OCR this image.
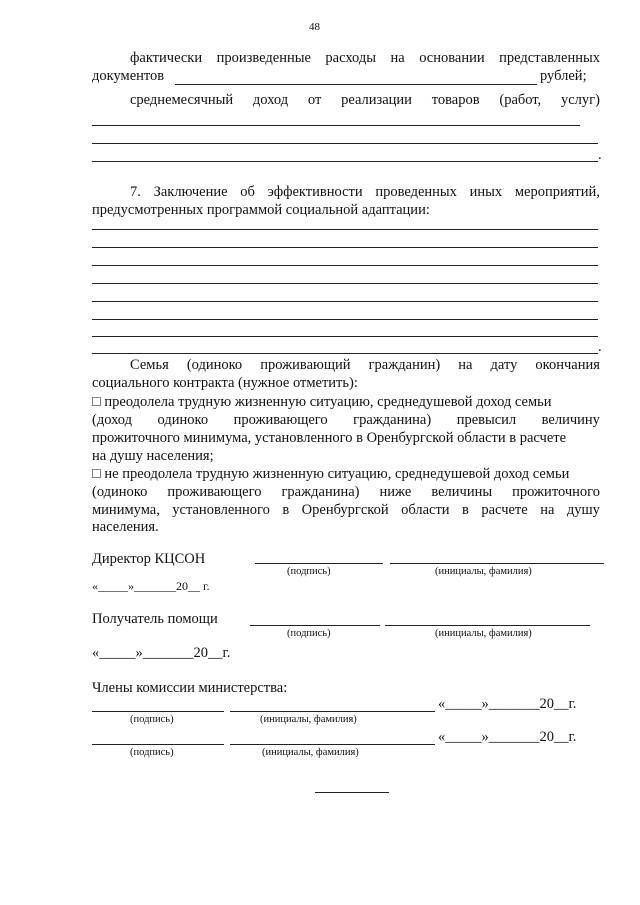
48
фактически произведенные расходы на основании представленных
документов	рублей;
среднемесячный доход от реализации товаров (работ, услуг)
.
7. Заключение об эффективности проведенных иных мероприятий,
предусмотренных программой социальной адаптации:
.
Семья (одиноко проживающий гражданин) на дату окончания
социального контракта (нужное отметить):
□ преодолела трудную жизненную ситуацию, среднедушевой доход семьи
(доход одиноко проживающего гражданина) превысил величину
прожиточного минимума, установленного в Оренбургской области в расчете
на душу населения;
□ не преодолела трудную жизненную ситуацию, среднедушевой доход семьи
(одиноко проживающего гражданина) ниже величины прожиточного
минимума, установленного в Оренбургской области в расчете на душу
населения.
Директор КЦСОН
(подпись)	(инициалы, фамилия)
«_____»_______20__ г.
Получатель помощи
(подпись)	(инициалы, фамилия)
«_____»_______20__г.
Члены комиссии министерства:
«_____»_______20__г.
(подпись)	(инициалы, фамилия)
«_____»_______20__г.
(подпись)	(инициалы, фамилия)
